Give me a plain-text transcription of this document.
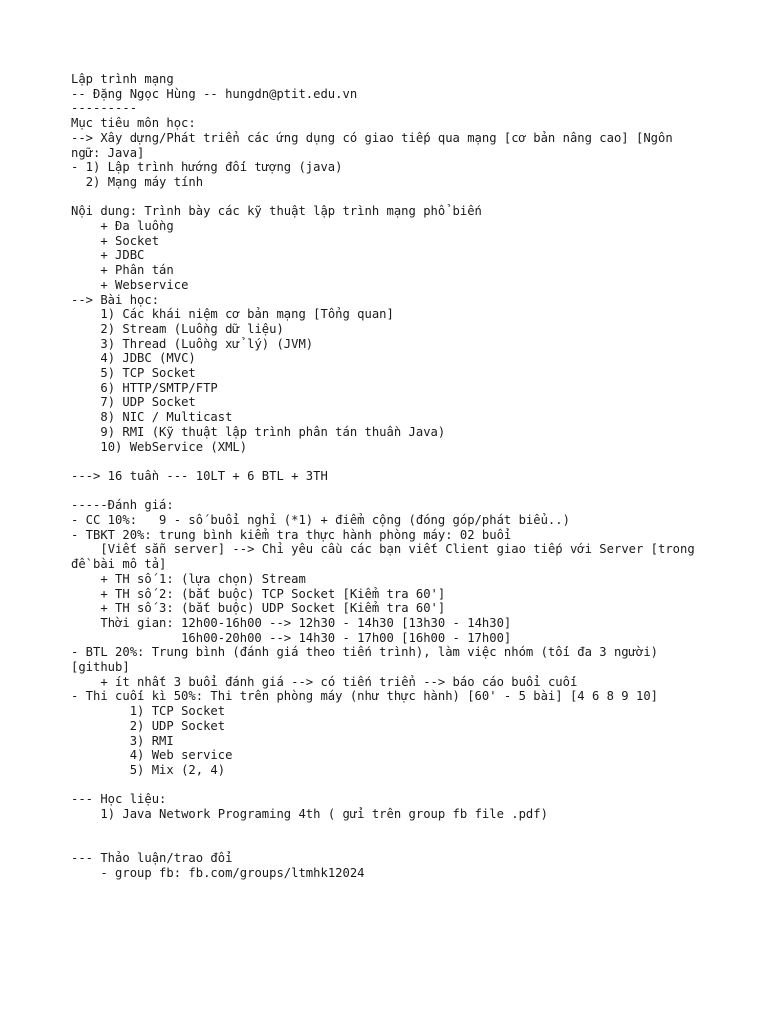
Lập trình mạng
-- Đặng Ngọc Hùng -- hungdn@ptit.edu.vn
---------
Mục tiêu môn học:
--> Xây dựng/Phát triển các ứng dụng có giao tiếp qua mạng [cơ bản nâng cao] [Ngôn ngữ: Java]
- 1) Lập trình hướng đối tượng (java)
2) Mạng máy tính
Nội dung: Trình bày các kỹ thuật lập trình mạng phổ biến
+ Đa luồng
+ Socket
+ JDBC
+ Phân tán
+ Webservice
--> Bài học:
1) Các khái niệm cơ bản mạng [Tổng quan]
2) Stream (Luồng dữ liệu)
3) Thread (Luồng xử lý) (JVM)
4) JDBC (MVC)
5) TCP Socket
6) HTTP/SMTP/FTP
7) UDP Socket
8) NIC / Multicast
9) RMI (Kỹ thuật lập trình phân tán thuần Java)
10) WebService (XML)
---> 16 tuần --- 10LT + 6 BTL + 3TH
-----Đánh giá:
- CC 10%:   9 - số buổi nghỉ (*1) + điểm cộng (đóng góp/phát biểu..)
- TBKT 20%: trung bình kiểm tra thực hành phòng máy: 02 buổi
[Viết sẵn server] --> Chỉ yêu cầu các bạn viết Client giao tiếp với Server [trong đề bài mô tả]
+ TH số 1: (lựa chọn) Stream
+ TH số 2: (bắt buộc) TCP Socket [Kiểm tra 60']
+ TH số 3: (bắt buộc) UDP Socket [Kiểm tra 60']
Thời gian: 12h00-16h00 --> 12h30 - 14h30 [13h30 - 14h30]
16h00-20h00 --> 14h30 - 17h00 [16h00 - 17h00]
- BTL 20%: Trung bình (đánh giá theo tiến trình), làm việc nhóm (tối đa 3 người) [github]
+ ít nhất 3 buổi đánh giá --> có tiến triển --> báo cáo buổi cuối
- Thi cuối kì 50%: Thi trên phòng máy (như thực hành) [60' - 5 bài] [4 6 8 9 10]
1) TCP Socket
2) UDP Socket
3) RMI
4) Web service
5) Mix (2, 4)
--- Học liệu:
1) Java Network Programing 4th ( gửi trên group fb file .pdf)
--- Thảo luận/trao đổi
- group fb: fb.com/groups/ltmhk12024
